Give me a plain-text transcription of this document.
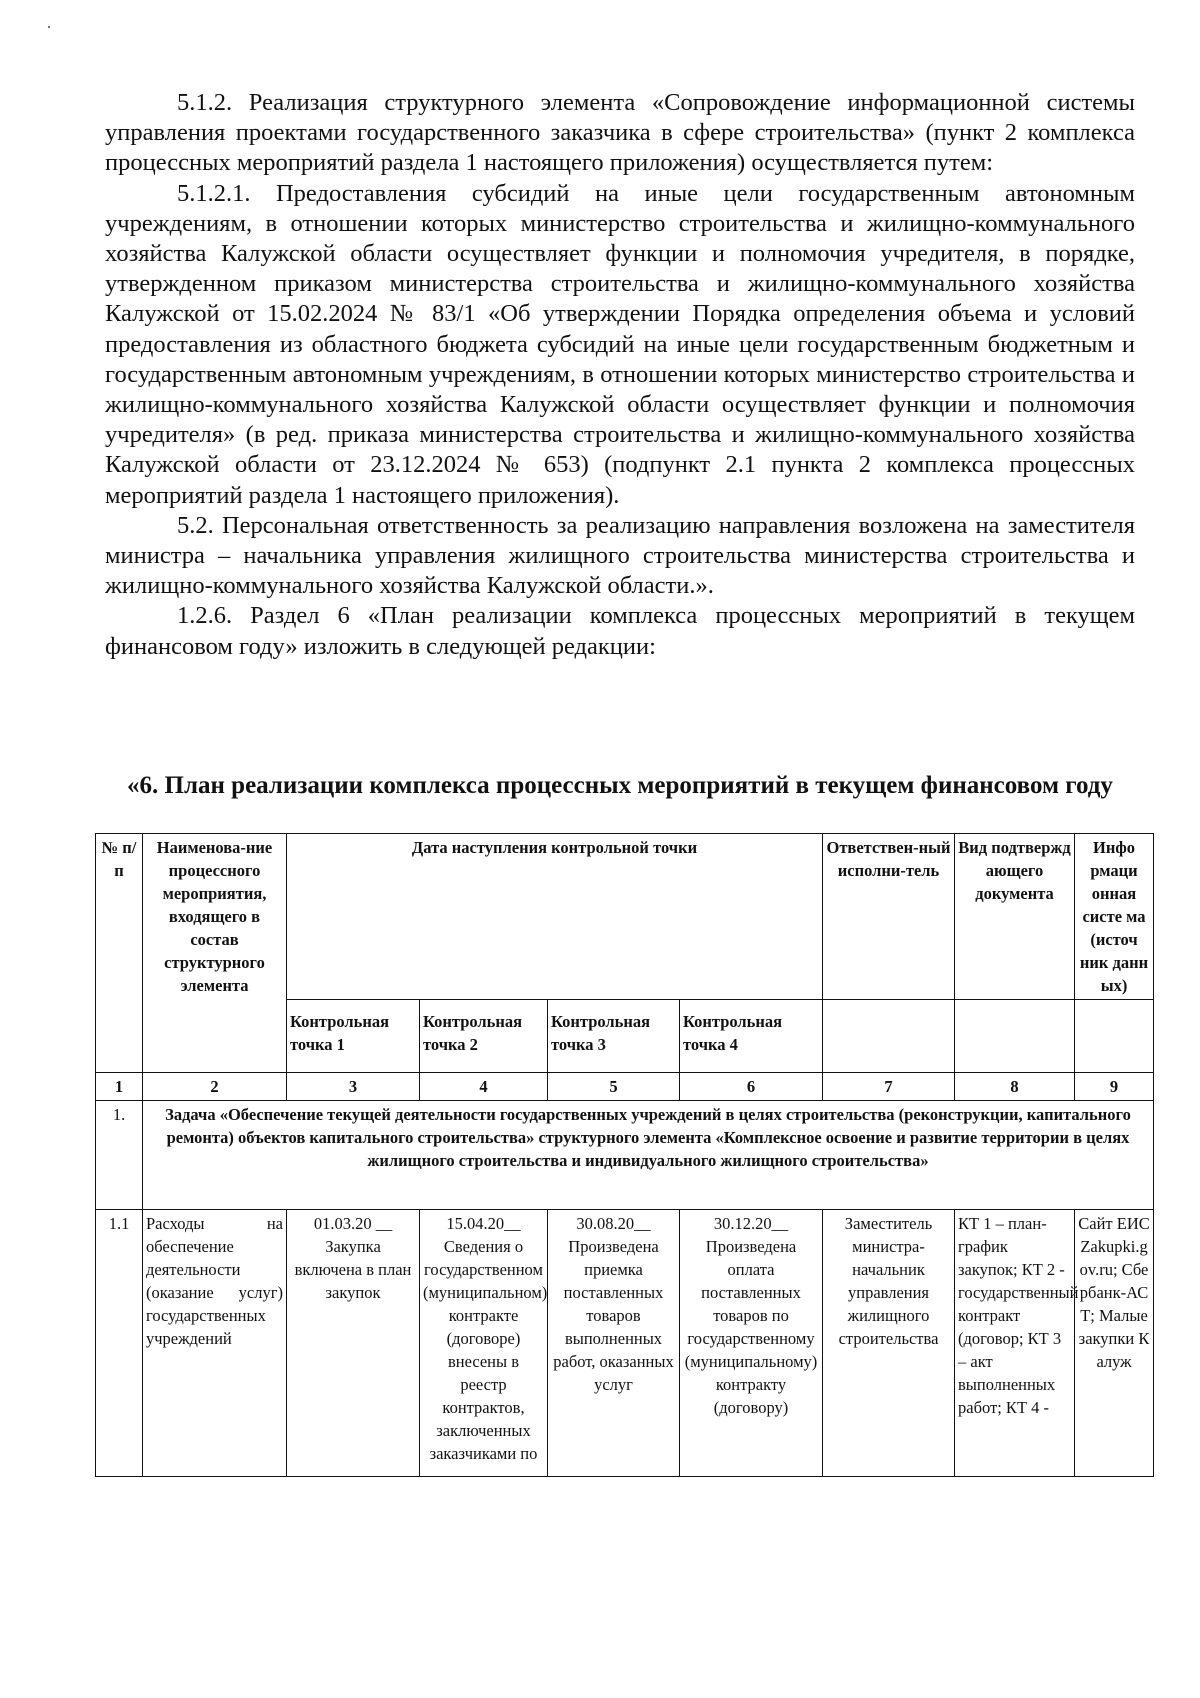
5.1.2. Реализация структурного элемента «Сопровождение информационной системы управления проектами государственного заказчика в сфере строительства» (пункт 2 комплекса процессных мероприятий раздела 1 настоящего приложения) осуществляется путем:

5.1.2.1. Предоставления субсидий на иные цели государственным автономным учреждениям, в отношении которых министерство строительства и жилищно-коммунального хозяйства Калужской области осуществляет функции и полномочия учредителя, в порядке, утвержденном приказом министерства строительства и жилищно-коммунального хозяйства Калужской от 15.02.2024 № 83/1 «Об утверждении Порядка определения объема и условий предоставления из областного бюджета субсидий на иные цели государственным бюджетным и государственным автономным учреждениям, в отношении которых министерство строительства и жилищно-коммунального хозяйства Калужской области осуществляет функции и полномочия учредителя» (в ред. приказа министерства строительства и жилищно-коммунального хозяйства Калужской области от 23.12.2024 № 653) (подпункт 2.1 пункта 2 комплекса процессных мероприятий раздела 1 настоящего приложения).

5.2. Персональная ответственность за реализацию направления возложена на заместителя министра – начальника управления жилищного строительства министерства строительства и жилищно-коммунального хозяйства Калужской области.».

1.2.6. Раздел 6 «План реализации комплекса процессных мероприятий в текущем финансовом году» изложить в следующей редакции:

«6. План реализации комплекса процессных мероприятий в текущем финансовом году
№ п/п	Наименова-ние процессного мероприятия, входящего в состав структурного элемента	Дата наступления контрольной точки				Ответствен-ный исполни-тель	Вид подтвержд ающего документа	Инфо рмаци онная систе ма (источ ник данн ых)
		Контрольная точка 1	Контрольная точка 2	Контрольная точка 3	Контрольная точка 4			
1	2	3	4	5	6	7	8	9
1.	Задача «Обеспечение текущей деятельности государственных учреждений в целях строительства (реконструкции, капитального ремонта) объектов капитального строительства» структурного элемента «Комплексное освоение и развитие территории в целях жилищного строительства и индивидуального жилищного строительства»							
1.1	Расходы на обеспечение деятельности (оказание услуг) государственных учреждений	01.03.20 __ Закупка включена в план закупок	15.04.20__ Сведения о государственном (муниципальном) контракте (договоре) внесены в реестр контрактов, заключенных заказчиками по	30.08.20__ Произведена приемка поставленных товаров выполненных работ, оказанных услуг	30.12.20__ Произведена оплата поставленных товаров по государственному (муниципальному) контракту (договору)	Заместитель министра-начальник управления жилищного строительства	КТ 1 – план-график закупок; КТ 2 - государственный контракт (договор; КТ 3 – акт выполненных работ; КТ 4 -	Сайт ЕИС Zakupki.gov.ru; Сбербанк-АСТ; Малые закупки Калуж
